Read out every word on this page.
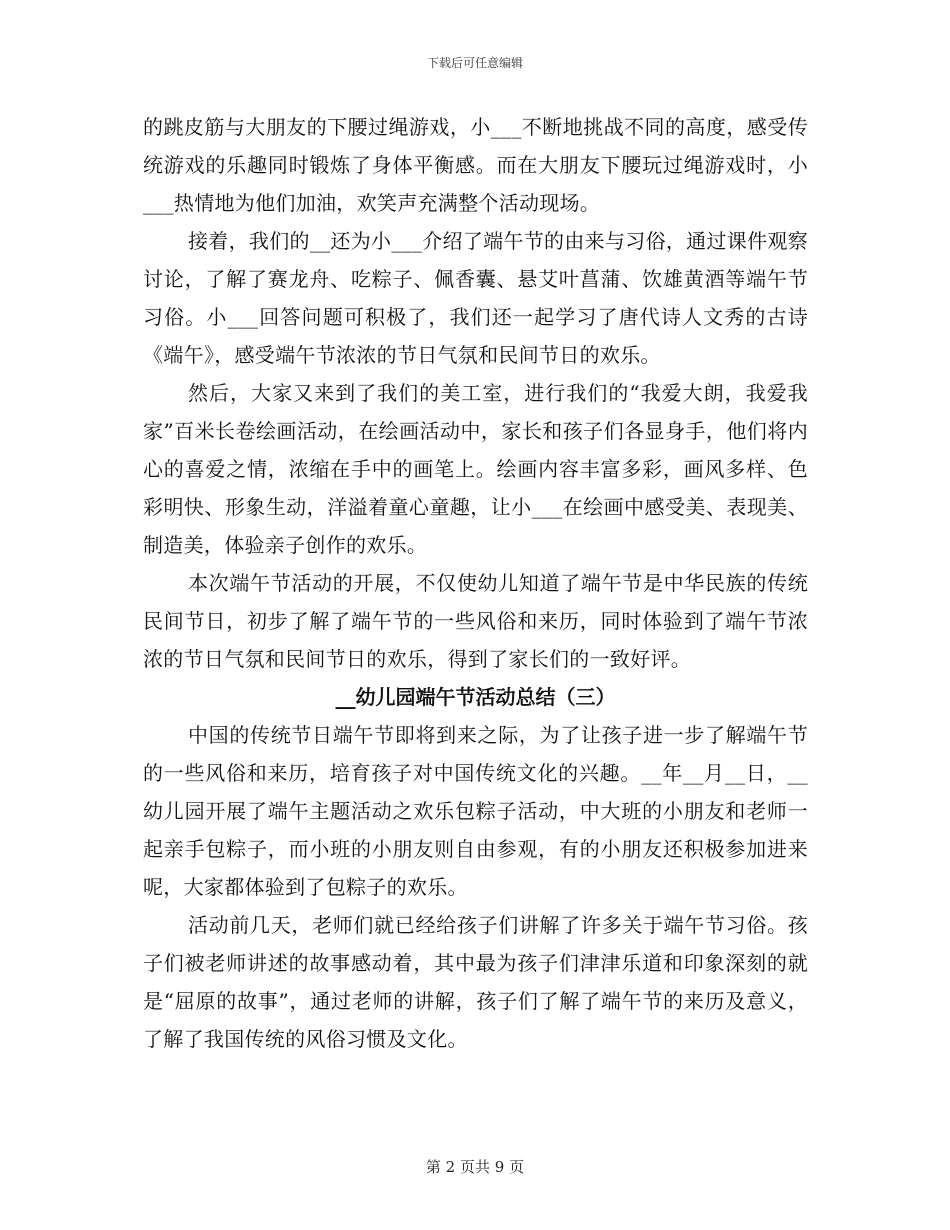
下载后可任意编辑

的跳皮筋与大朋友的下腰过绳游戏，小___不断地挑战不同的高度，感受传统游戏的乐趣同时锻炼了身体平衡感。而在大朋友下腰玩过绳游戏时，小___热情地为他们加油，欢笑声充满整个活动现场。

接着，我们的__还为小___介绍了端午节的由来与习俗，通过课件观察讨论，了解了赛龙舟、吃粽子、佩香囊、悬艾叶菖蒲、饮雄黄酒等端午节习俗。小___回答问题可积极了，我们还一起学习了唐代诗人文秀的古诗《端午》，感受端午节浓浓的节日气氛和民间节日的欢乐。

然后，大家又来到了我们的美工室，进行我们的“我爱大朗，我爱我家”百米长卷绘画活动，在绘画活动中，家长和孩子们各显身手，他们将内心的喜爱之情，浓缩在手中的画笔上。绘画内容丰富多彩，画风多样、色彩明快、形象生动，洋溢着童心童趣，让小___在绘画中感受美、表现美、制造美，体验亲子创作的欢乐。

本次端午节活动的开展，不仅使幼儿知道了端午节是中华民族的传统民间节日，初步了解了端午节的一些风俗和来历，同时体验到了端午节浓浓的节日气氛和民间节日的欢乐，得到了家长们的一致好评。

__幼儿园端午节活动总结（三）

中国的传统节日端午节即将到来之际，为了让孩子进一步了解端午节的一些风俗和来历，培育孩子对中国传统文化的兴趣。__年__月__日，__幼儿园开展了端午主题活动之欢乐包粽子活动，中大班的小朋友和老师一起亲手包粽子，而小班的小朋友则自由参观，有的小朋友还积极参加进来呢，大家都体验到了包粽子的欢乐。

活动前几天，老师们就已经给孩子们讲解了许多关于端午节习俗。孩子们被老师讲述的故事感动着，其中最为孩子们津津乐道和印象深刻的就是“屈原的故事”，通过老师的讲解，孩子们了解了端午节的来历及意义，了解了我国传统的风俗习惯及文化。

第 2 页共 9 页
